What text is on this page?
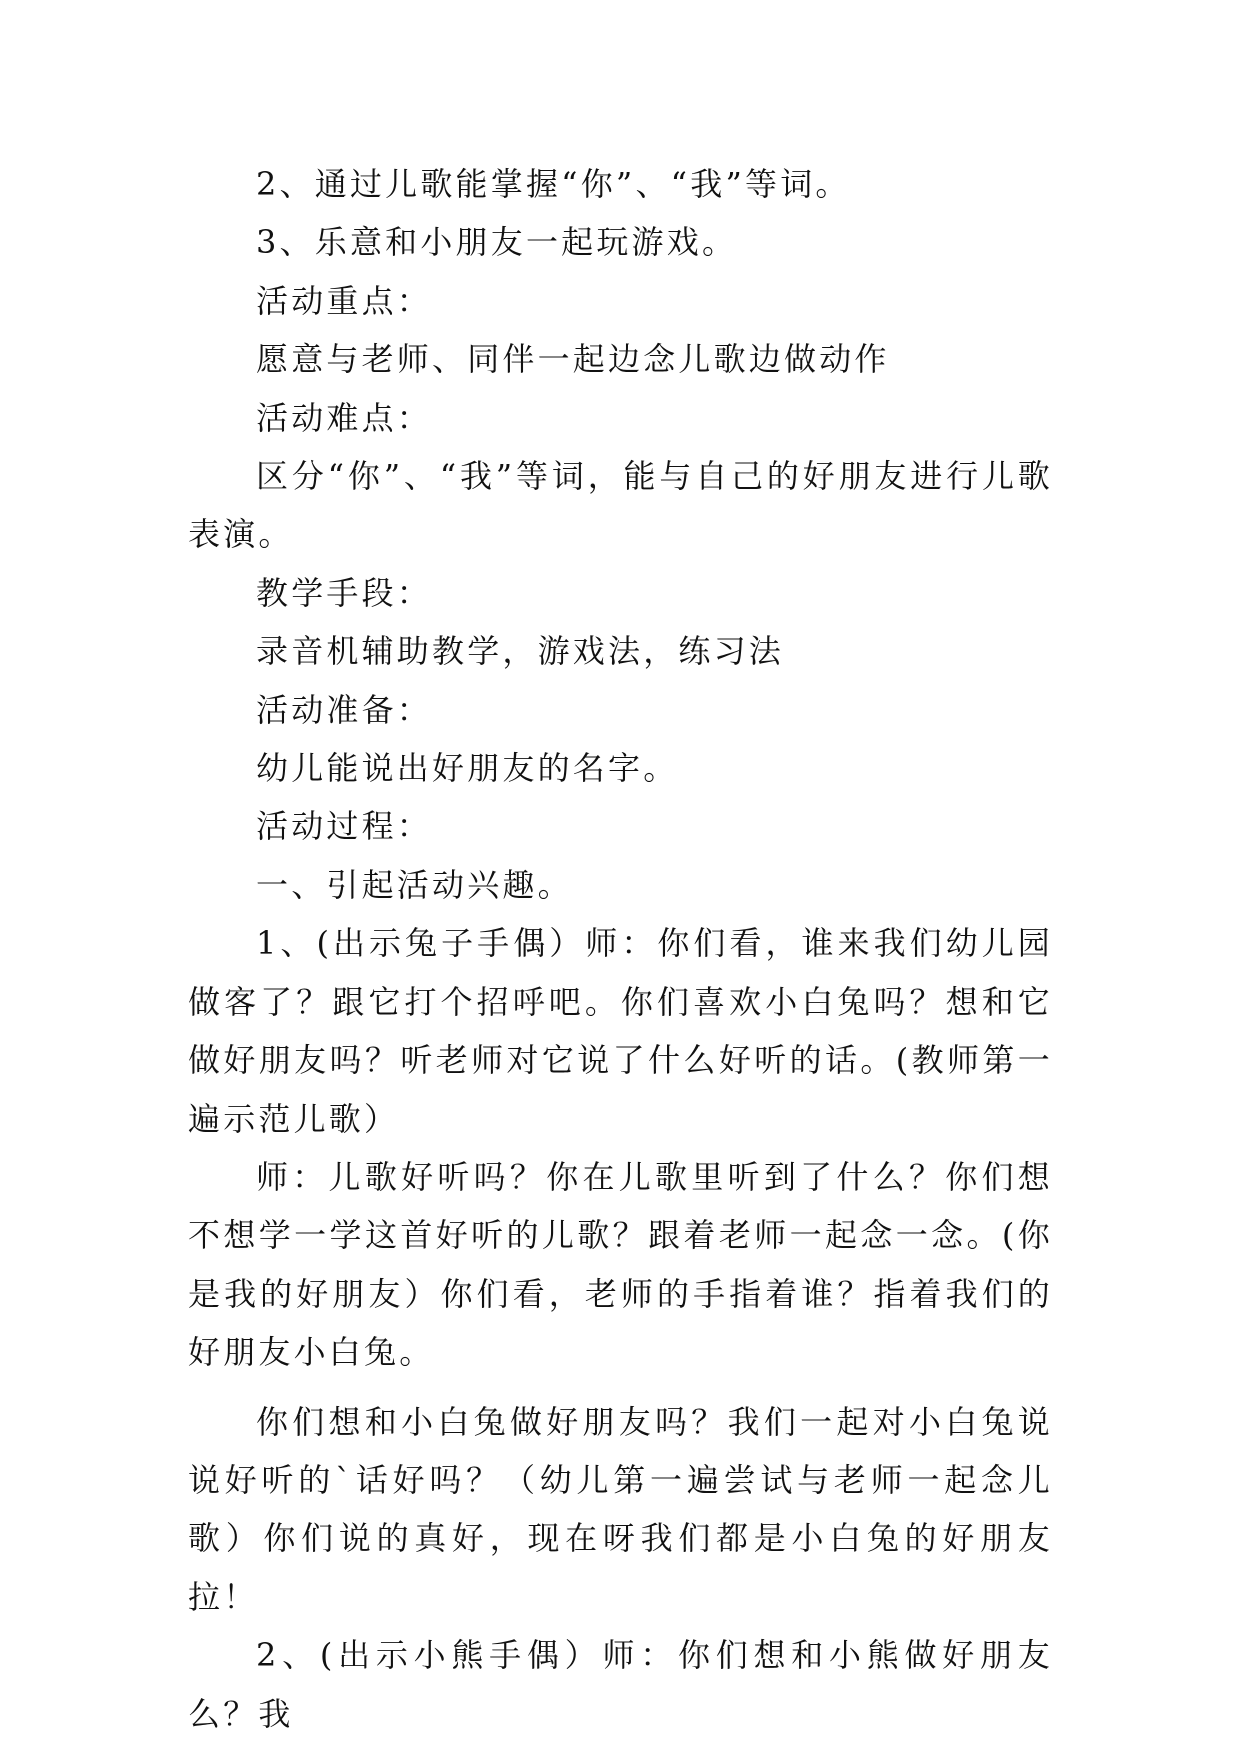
2、通过儿歌能掌握“你”、“我”等词。

3、乐意和小朋友一起玩游戏。

活动重点：

愿意与老师、同伴一起边念儿歌边做动作

活动难点：

区分“你”、“我”等词，能与自己的好朋友进行儿歌表演。

教学手段：

录音机辅助教学，游戏法，练习法

活动准备：

幼儿能说出好朋友的名字。

活动过程：

一、引起活动兴趣。

1、(出示兔子手偶）师：你们看，谁来我们幼儿园做客了？跟它打个招呼吧。你们喜欢小白兔吗？想和它做好朋友吗？听老师对它说了什么好听的话。(教师第一遍示范儿歌）

师：儿歌好听吗？你在儿歌里听到了什么？你们想不想学一学这首好听的儿歌？跟着老师一起念一念。(你是我的好朋友）你们看，老师的手指着谁？指着我们的好朋友小白兔。

你们想和小白兔做好朋友吗？我们一起对小白兔说说好听的`话好吗？（幼儿第一遍尝试与老师一起念儿歌）你们说的真好，现在呀我们都是小白兔的好朋友拉！

2、(出示小熊手偶）师：你们想和小熊做好朋友么？我
